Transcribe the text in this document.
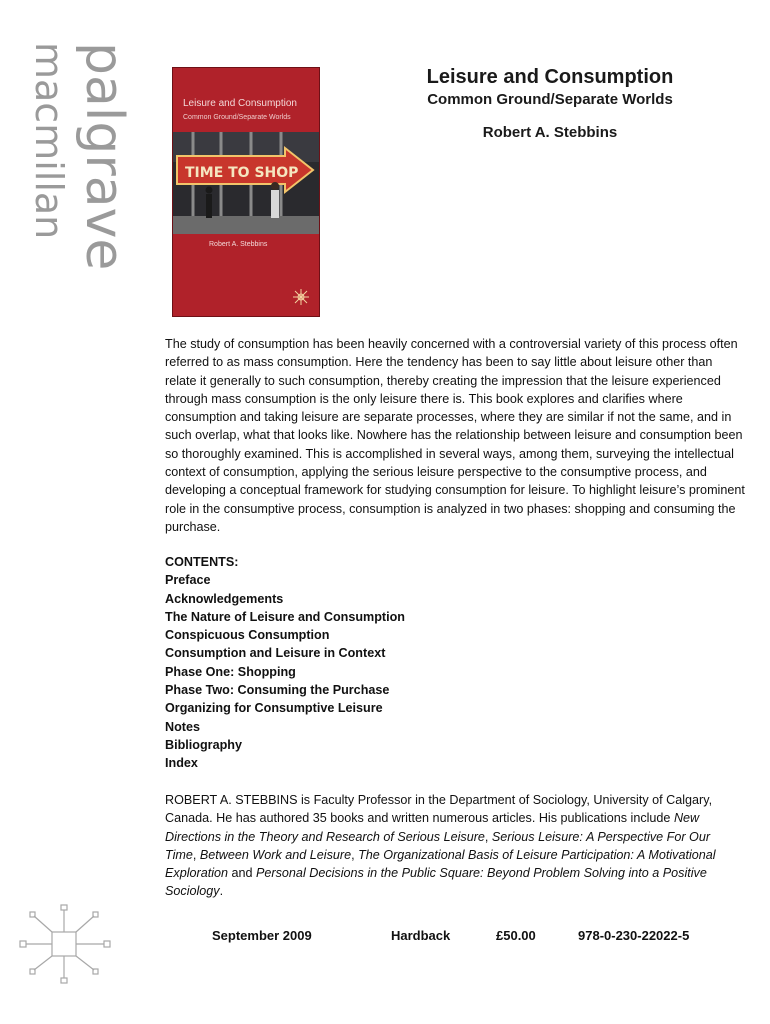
palgrave
macmillan	Leisure and Consumption
Common Ground/Separate Worlds
TIME TO SHOP
Robert A. Stebbins
Leisure and Consumption
Common Ground/Separate Worlds
Robert A. Stebbins

The study of consumption has been heavily concerned with a controversial variety of this process often referred to as mass consumption. Here the tendency has been to say little about leisure other than relate it generally to such consumption, thereby creating the impression that the leisure experienced through mass consumption is the only leisure there is. This book explores and clarifies where consumption and taking leisure are separate processes, where they are similar if not the same, and in such overlap, what that looks like. Nowhere has the relationship between leisure and consumption been so thoroughly examined. This is accomplished in several ways, among them, surveying the intellectual context of consumption, applying the serious leisure perspective to the consumptive process, and developing a conceptual framework for studying consumption for leisure. To highlight leisure’s prominent role in the consumptive process, consumption is analyzed in two phases: shopping and consuming the purchase.

CONTENTS:
Preface
Acknowledgements
The Nature of Leisure and Consumption
Conspicuous Consumption
Consumption and Leisure in Context
Phase One: Shopping
Phase Two: Consuming the Purchase
Organizing for Consumptive Leisure
Notes
Bibliography
Index

ROBERT A. STEBBINS is Faculty Professor in the Department of Sociology, University of Calgary, Canada. He has authored 35 books and written numerous articles. His publications include New Directions in the Theory and Research of Serious Leisure, Serious Leisure: A Perspective For Our Time, Between Work and Leisure, The Organizational Basis of Leisure Participation: A Motivational Exploration and Personal Decisions in the Public Square: Beyond Problem Solving into a Positive Sociology.

September 2009	Hardback	£50.00	978-0-230-22022-5
